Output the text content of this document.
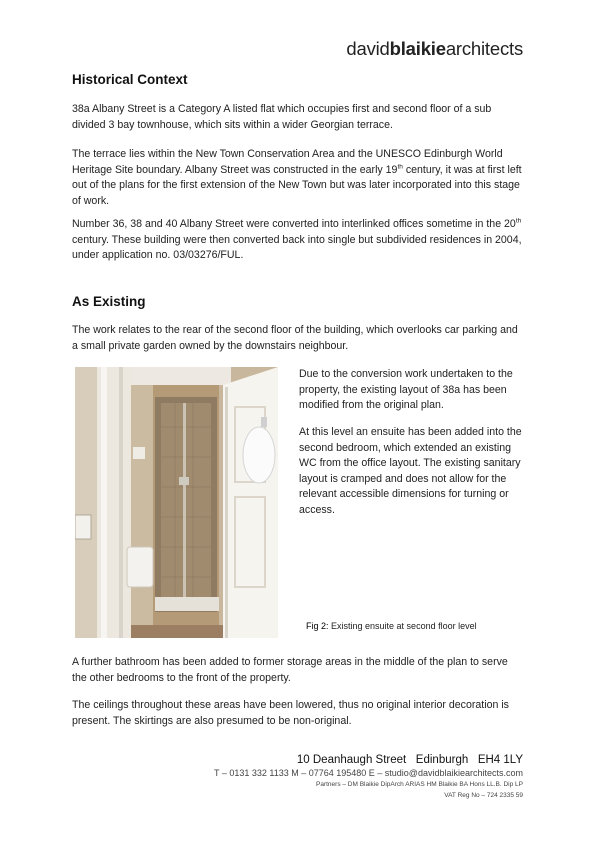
davidblaikiearchitects
Historical Context

38a Albany Street is a Category A listed flat which occupies first and second floor of a sub divided 3 bay townhouse, which sits within a wider Georgian terrace.

The terrace lies within the New Town Conservation Area and the UNESCO Edinburgh World Heritage Site boundary. Albany Street was constructed in the early 19th century, it was at first left out of the plans for the first extension of the New Town but was later incorporated into this stage of work.

Number 36, 38 and 40 Albany Street were converted into interlinked offices sometime in the 20th century. These building were then converted back into single but subdivided residences in 2004, under application no. 03/03276/FUL.

As Existing

The work relates to the rear of the second floor of the building, which overlooks car parking and a small private garden owned by the downstairs neighbour.

Due to the conversion work undertaken to the property, the existing layout of 38a has been modified from the original plan.

At this level an ensuite has been added into the second bedroom, which extended an existing WC from the office layout. The existing sanitary layout is cramped and does not allow for the relevant accessible dimensions for turning or access.

Fig 2: Existing ensuite at second floor level

A further bathroom has been added to former storage areas in the middle of the plan to serve the other bedrooms to the front of the property.

The ceilings throughout these areas have been lowered, thus no original interior decoration is present. The skirtings are also presumed to be non-original.

10 Deanhaugh Street   Edinburgh   EH4 1LY
T – 0131 332 1133 M – 07764 195480 E – studio@davidblaikiearchitects.com
Partners – DM Blaikie DipArch ARIAS HM Blaikie BA Hons LL.B. Dip LP
VAT Reg No – 724 2335 59
